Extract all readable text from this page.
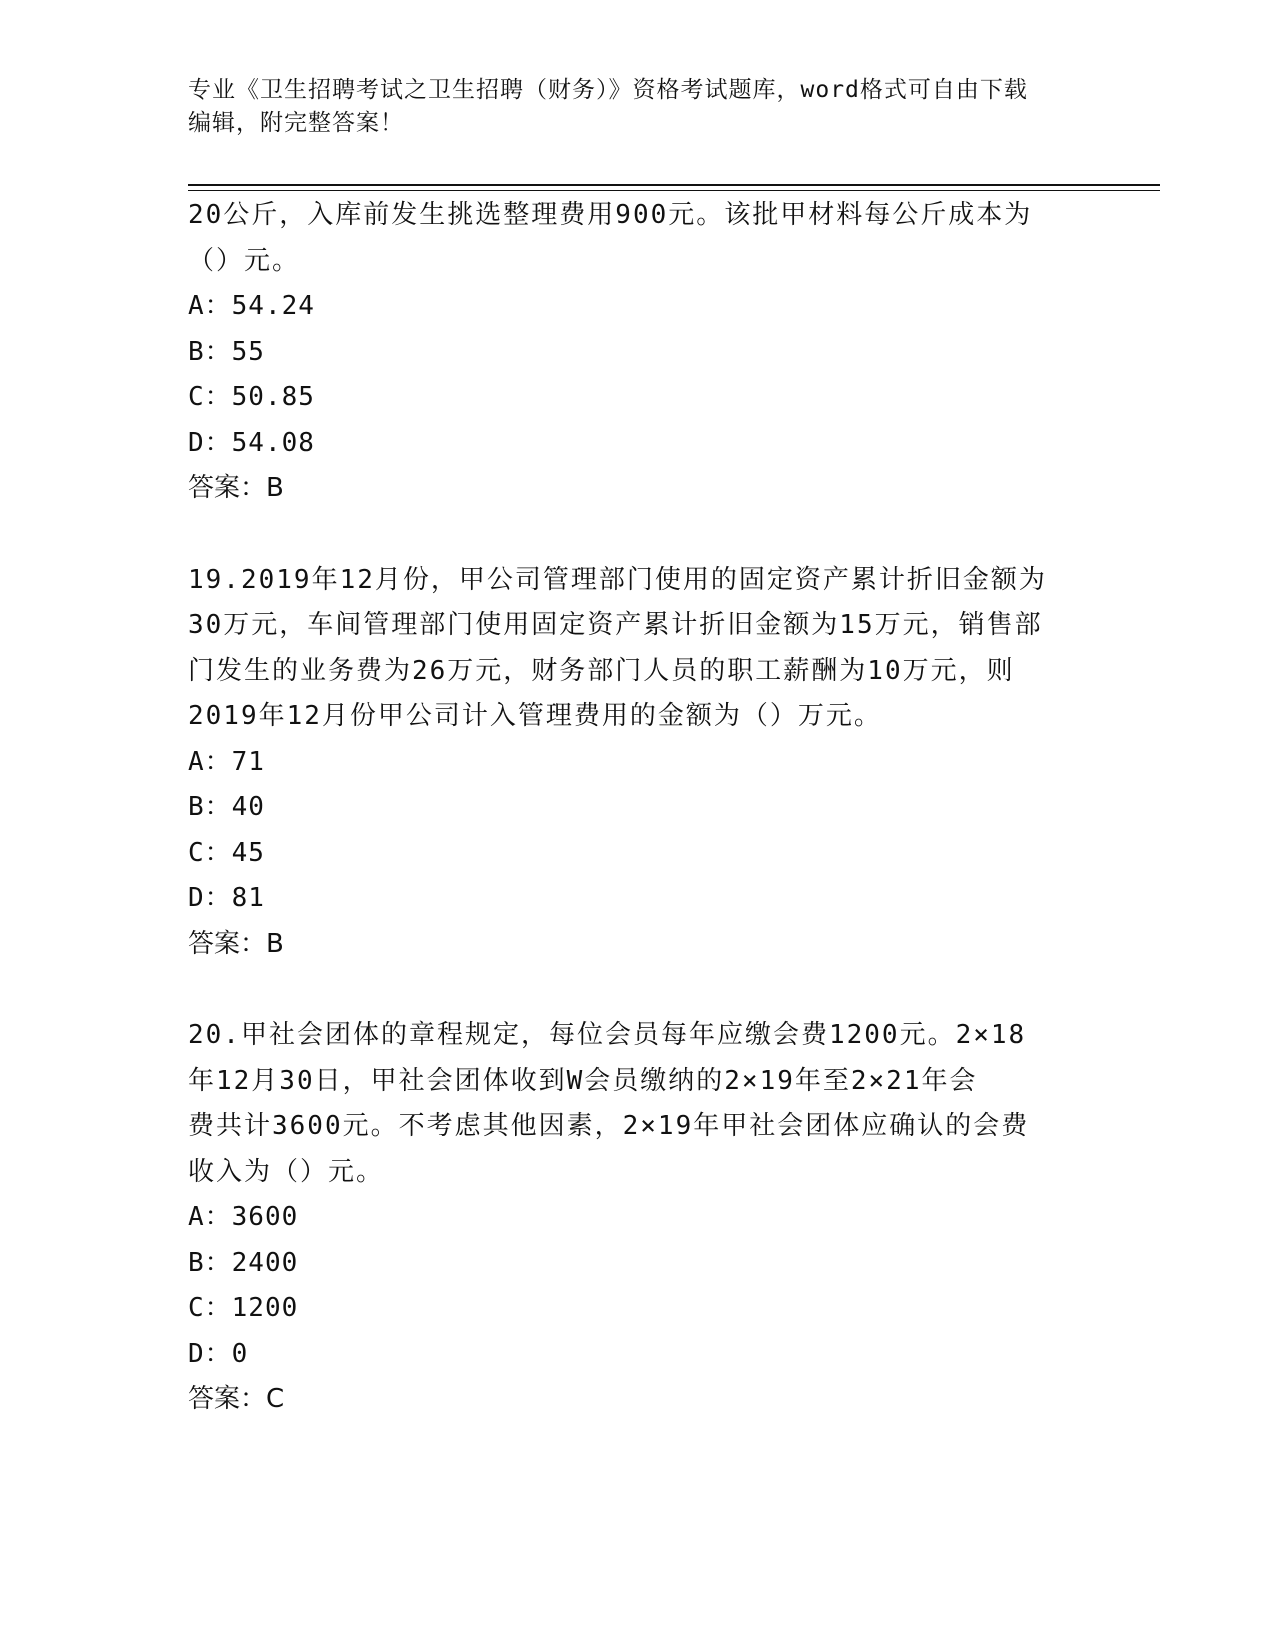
专业《卫生招聘考试之卫生招聘（财务）》资格考试题库，word格式可自由下载

编辑，附完整答案！

20公斤，入库前发生挑选整理费用900元。该批甲材料每公斤成本为

（）元。

A：54.24

B：55

C：50.85

D：54.08

答案：B

19.2019年12月份，甲公司管理部门使用的固定资产累计折旧金额为

30万元，车间管理部门使用固定资产累计折旧金额为15万元，销售部

门发生的业务费为26万元，财务部门人员的职工薪酬为10万元，则

2019年12月份甲公司计入管理费用的金额为（）万元。

A：71

B：40

C：45

D：81

答案：B

20.甲社会团体的章程规定，每位会员每年应缴会费1200元。2×18

年12月30日，甲社会团体收到W会员缴纳的2×19年至2×21年会

费共计3600元。不考虑其他因素，2×19年甲社会团体应确认的会费

收入为（）元。

A：3600

B：2400

C：1200

D：0

答案：C
